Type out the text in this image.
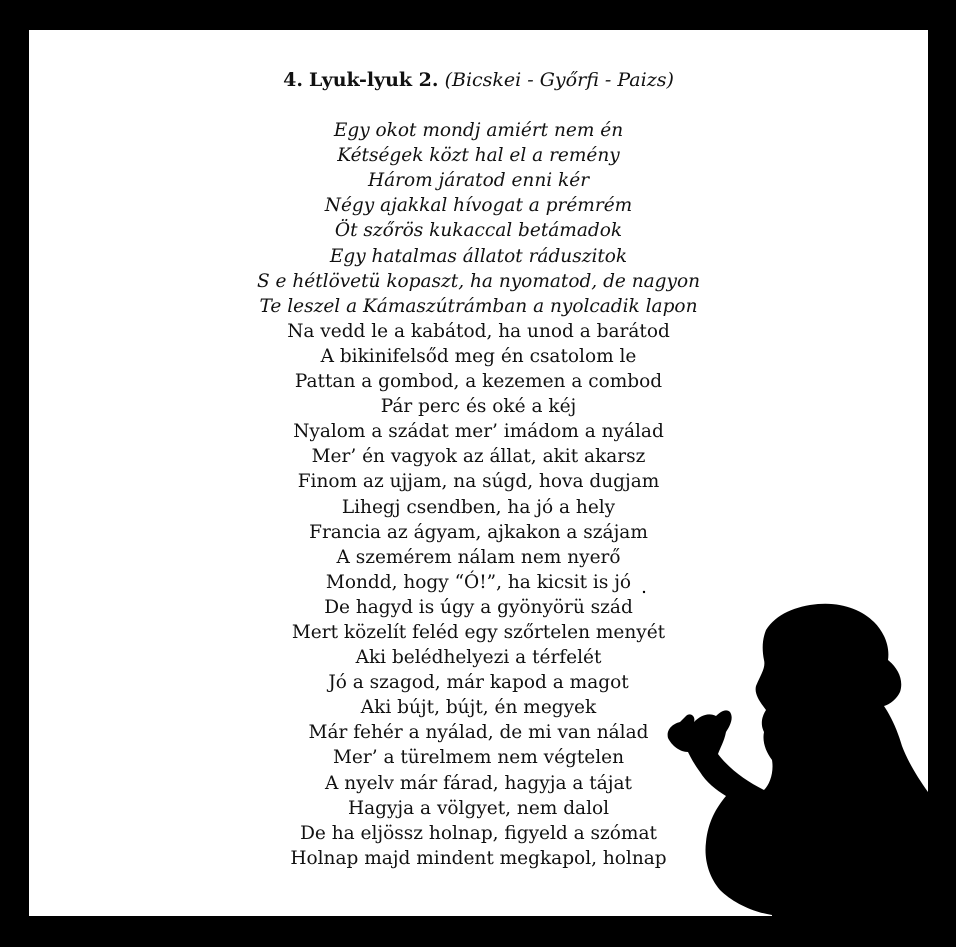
4. Lyuk-lyuk 2. (Bicskei - Győrfi - Paizs)

Egy okot mondj amiért nem én
Kétségek közt hal el a remény
Három járatod enni kér
Négy ajakkal hívogat a prémrém
Öt szőrös kukaccal betámadok
Egy hatalmas állatot ráduszitok
S e hétlövetü kopaszt, ha nyomatod, de nagyon
Te leszel a Kámaszútrámban a nyolcadik lapon
Na vedd le a kabátod, ha unod a barátod
A bikinifelsőd meg én csatolom le
Pattan a gombod, a kezemen a combod
Pár perc és oké a kéj
Nyalom a szádat mer’ imádom a nyálad
Mer’ én vagyok az állat, akit akarsz
Finom az ujjam, na súgd, hova dugjam
Lihegj csendben, ha jó a hely
Francia az ágyam, ajkakon a szájam
A szemérem nálam nem nyerő
Mondd, hogy “Ó!”, ha kicsit is jó
De hagyd is úgy a gyönyörü szád
Mert közelít feléd egy szőrtelen menyét
Aki belédhelyezi a térfelét
Jó a szagod, már kapod a magot
Aki bújt, bújt, én megyek
Már fehér a nyálad, de mi van nálad
Mer’ a türelmem nem végtelen
A nyelv már fárad, hagyja a tájat
Hagyja a völgyet, nem dalol
De ha eljössz holnap, figyeld a szómat
Holnap majd mindent megkapol, holnap
